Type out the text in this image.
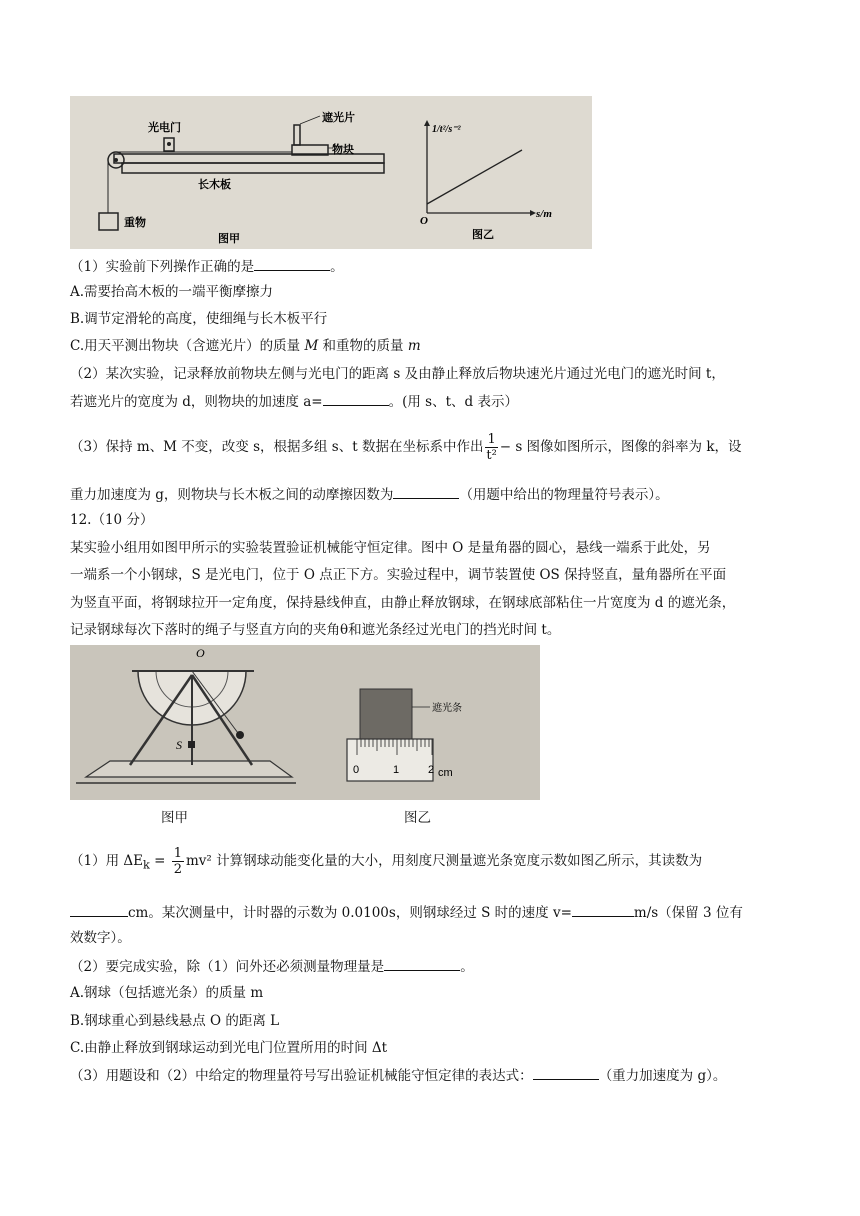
光电门
遮光片
物块
长木板
重物
图甲
1/t²/s⁻²
s/m
O
图乙
（1）实验前下列操作正确的是	。
A.需要抬高木板的一端平衡摩擦力
B.调节定滑轮的高度，使细绳与长木板平行
C.用天平测出物块（含遮光片）的质量 M 和重物的质量 m
（2）某次实验，记录释放前物块左侧与光电门的距离 s 及由静止释放后物块速光片通过光电门的遮光时间 t，
若遮光片的宽度为 d，则物块的加速度 a=	。(用 s、t、d 表示）
（3）保持 m、M 不变，改变 s，根据多组 s、t 数据在坐标系中作出 $\frac{1}{\text{t²}} - s$ 图像如图所示，图像的斜率为 k，设
重力加速度为 g，则物块与长木板之间的动摩擦因数为	（用题中给出的物理量符号表示）。
12.（10 分）
某实验小组用如图甲所示的实验装置验证机械能守恒定律。图中 O 是量角器的圆心，悬线一端系于此处，另
一端系一个小钢球，S 是光电门，位于 O 点正下方。实验过程中，调节装置使 OS 保持竖直，量角器所在平面
为竖直平面，将钢球拉开一定角度，保持悬线伸直，由静止释放钢球，在钢球底部粘住一片宽度为 d 的遮光条，
记录钢球每次下落时的绳子与竖直方向的夹角θ和遮光条经过光电门的挡光时间 t。
O
S
0	1	2 cm
遮光条
图甲	图乙
（1）用 $\Delta E_k = \frac{1}{2} mv^2$ 计算钢球动能变化量的大小，用刻度尺测量遮光条宽度示数如图乙所示，其读数为
cm。某次测量中，计时器的示数为 0.0100s，则钢球经过 S 时的速度 v=	m/s（保留 3 位有
效数字）。
（2）要完成实验，除（1）问外还必须测量物理量是	。
A.钢球（包括遮光条）的质量 m
B.钢球重心到悬线悬点 O 的距离 L
C.由静止释放到钢球运动到光电门位置所用的时间 Δt
（3）用题设和（2）中给定的物理量符号写出验证机械能守恒定律的表达式：	（重力加速度为 g）。
